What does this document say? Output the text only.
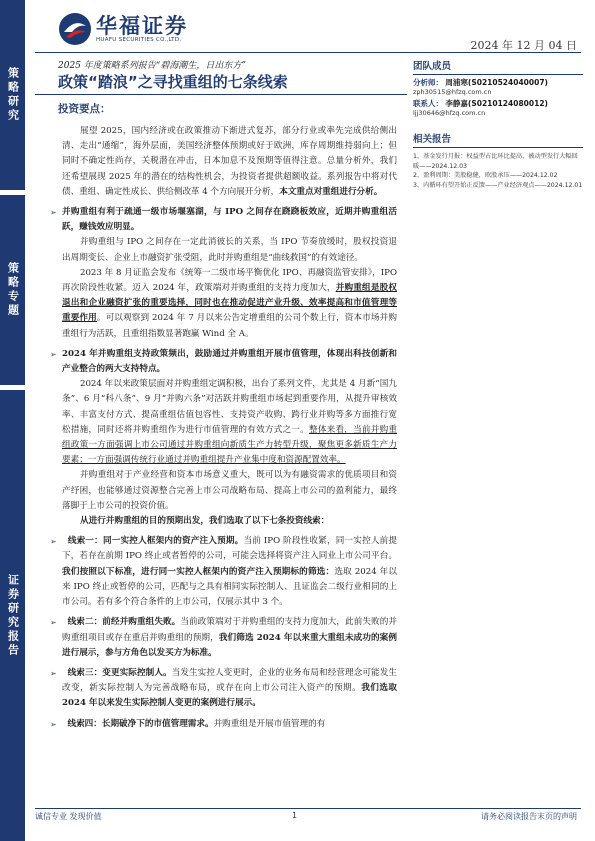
策略研究
策略专题
证券研究报告
华福证券
HUAFU SECURITIES CO.,LTD.	2024 年 12 月 04 日
2025 年度策略系列报告“碧海潮生，日出东方”
政策“踏浪”之寻找重组的七条线索
投资要点：

展望 2025，国内经济或在政策推动下渐进式复苏，部分行业或率先完成供给侧出清、走出“通缩”，海外层面，美国经济整体预期或好于欧洲，库存周期维持弱向上；但同时不确定性尚存，关税潜在冲击，日本加息不及预期等值得注意。总量分析外，我们还希望展现 2025 年的潜在的结构性机会，为投资者提供超额收益。系列报告中将对代债、重组、确定性成长、供给侧改革 4 个方向展开分析，本文重点对重组进行分析。

➢ 并购重组有利于疏通一级市场堰塞湖，与 IPO 之间存在跷跷板效应，近期并购重组活跃，赚钱效应明显。

并购重组与 IPO 之间存在一定此消彼长的关系，当 IPO 节奏放缓时，股权投资退出周期变长、企业上市融资扩张受阻，此时并购重组是“曲线救国”的有效途径。

2023 年 8 月证监会发布《统筹一二级市场平衡优化 IPO、再融资监管安排》，IPO 再次阶段性收紧。迈入 2024 年，政策端对并购重组的支持力度加大，并购重组是股权退出和企业融资扩张的重要选择，同时也在推动促进产业升级、效率提高和市值管理等重要作用。可以观察到 2024 年 7 月以来公告定增重组的公司个数上行，资本市场并购重组行为活跃，且重组指数显著跑赢 Wind 全 A。

➢ 2024 年并购重组支持政策频出，鼓励通过并购重组开展市值管理，体现出科技创新和产业整合的两大支持特点。

2024 年以来政策层面对并购重组定调积极，出台了系列文件，尤其是 4 月新“国九条”、6 月“科八条”、9 月“并购六条”对活跃并购重组市场起到重要作用，从提升审核效率、丰富支付方式、提高重组估值包容性、支持资产收购、跨行业并购等多方面推行宽松措施，同时还将并购重组作为进行市值管理的有效方式之一。整体来看，当前并购重组政策一方面强调上市公司通过并购重组向新质生产力转型升级，聚焦更多新质生产力要素；一方面强调传统行业通过并购重组提升产业集中度和资源配置效率。

并购重组对于产业经营和资本市场意义重大，既可以为有融资需求的优质项目和资产纾困，也能够通过资源整合完善上市公司战略布局、提高上市公司的盈利能力，最终落脚于上市公司的投资价值。

从进行并购重组的目的预期出发，我们选取了以下七条投资线索：

➢ 线索一：同一实控人框架内的资产注入预期。当前 IPO 阶段性收紧，同一实控人前提下，若存在前期 IPO 终止或者暂停的公司，可能会选择将资产注入同业上市公司平台。我们按照以下标准，进行同一实控人框架内的资产注入预期标的筛选：选取 2024 年以来 IPO 终止或暂停的公司，匹配与之具有相同实际控制人、且证监会二级行业相同的上市公司。若有多个符合条件的上市公司，仅展示其中 3 个。

➢ 线索二：前经并购重组失败。当前政策端对于并购重组的支持力度加大，此前失败的并购重组项目或存在重启并购重组的预期，我们筛选 2024 年以来重大重组未成功的案例进行展示，参与方角色以发买方为标准。

➢ 线索三：变更实际控制人。当发生实控人变更时，企业的业务布局和经营理念可能发生改变，新实际控制人为完善战略布局，或存在向上市公司注入资产的预期。我们选取 2024 年以来发生实际控制人变更的案例进行展示。

➢ 线索四：长期破净下的市值管理需求。并购重组是开展市值管理的有

团队成员
分析师： 周浦寒(S0210524040007)
zph30515@hfzq.com.cn
联系人： 李静嘉(S0210124080012)
ljj30646@hfzq.com.cn
相关报告
1、基金发行月报：权益型占比环比提高，被动型发行大幅回暖——2024.12.03
2、盈利周期：美股稳健，欧股承压——2024.12.02
3、内循环有望开始正反馈——产业经济观点——2024.12.01
诚信专业 发现价值	1	请务必阅读报告末页的声明
